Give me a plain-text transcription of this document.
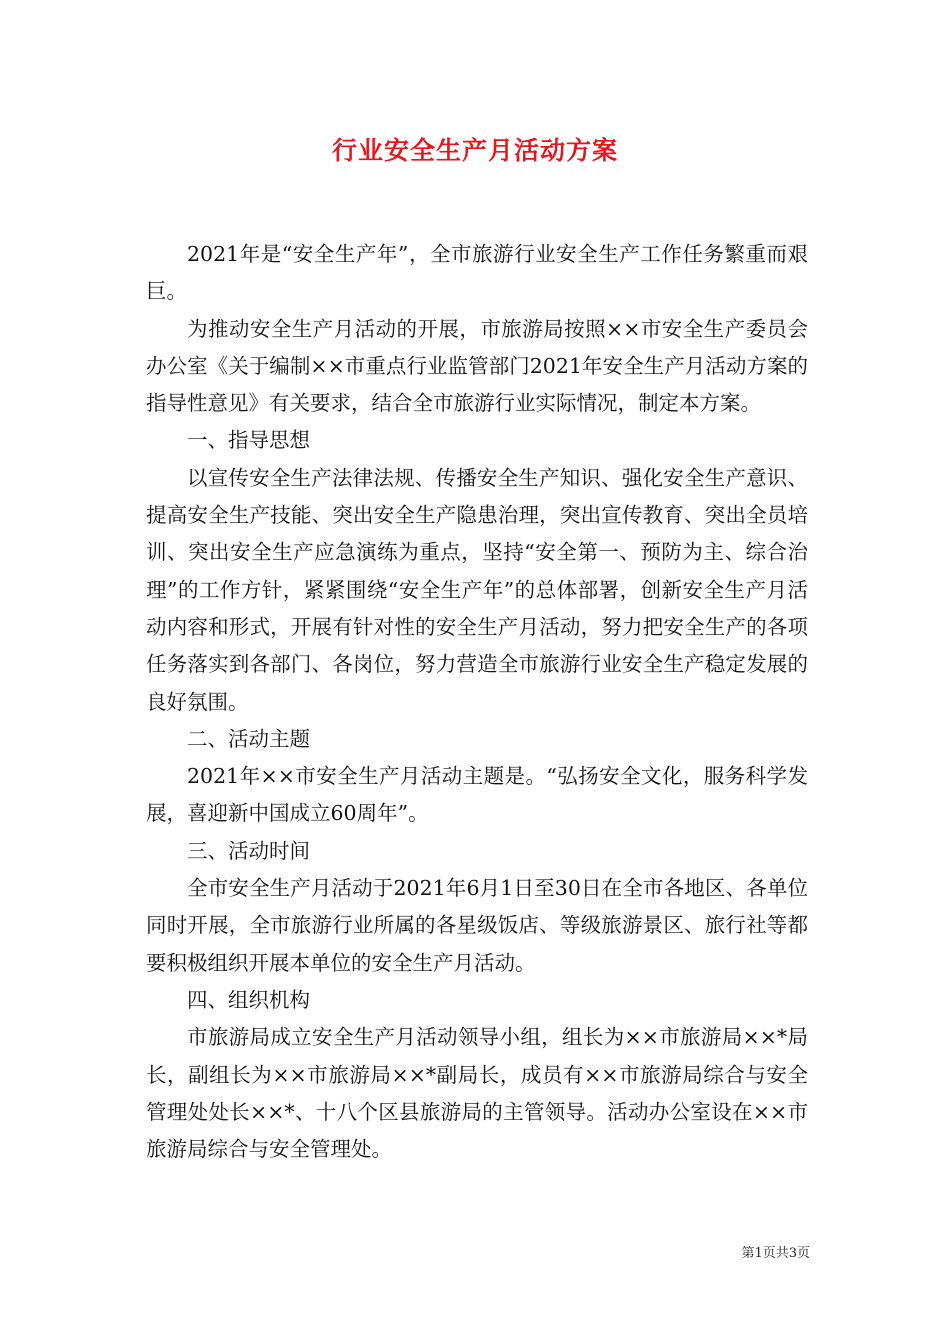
行业安全生产月活动方案

2021年是“安全生产年”，全市旅游行业安全生产工作任务繁重而艰巨。

为推动安全生产月活动的开展，市旅游局按照××市安全生产委员会办公室《关于编制××市重点行业监管部门2021年安全生产月活动方案的指导性意见》有关要求，结合全市旅游行业实际情况，制定本方案。

一、指导思想

以宣传安全生产法律法规、传播安全生产知识、强化安全生产意识、提高安全生产技能、突出安全生产隐患治理，突出宣传教育、突出全员培训、突出安全生产应急演练为重点，坚持“安全第一、预防为主、综合治理”的工作方针，紧紧围绕“安全生产年”的总体部署，创新安全生产月活动内容和形式，开展有针对性的安全生产月活动，努力把安全生产的各项任务落实到各部门、各岗位，努力营造全市旅游行业安全生产稳定发展的良好氛围。

二、活动主题

2021年××市安全生产月活动主题是。“弘扬安全文化，服务科学发展，喜迎新中国成立60周年”。

三、活动时间

全市安全生产月活动于2021年6月1日至30日在全市各地区、各单位同时开展，全市旅游行业所属的各星级饭店、等级旅游景区、旅行社等都要积极组织开展本单位的安全生产月活动。

四、组织机构

市旅游局成立安全生产月活动领导小组，组长为××市旅游局××*局长，副组长为××市旅游局××*副局长，成员有××市旅游局综合与安全管理处处长××*、十八个区县旅游局的主管领导。活动办公室设在××市旅游局综合与安全管理处。

第1页共3页
